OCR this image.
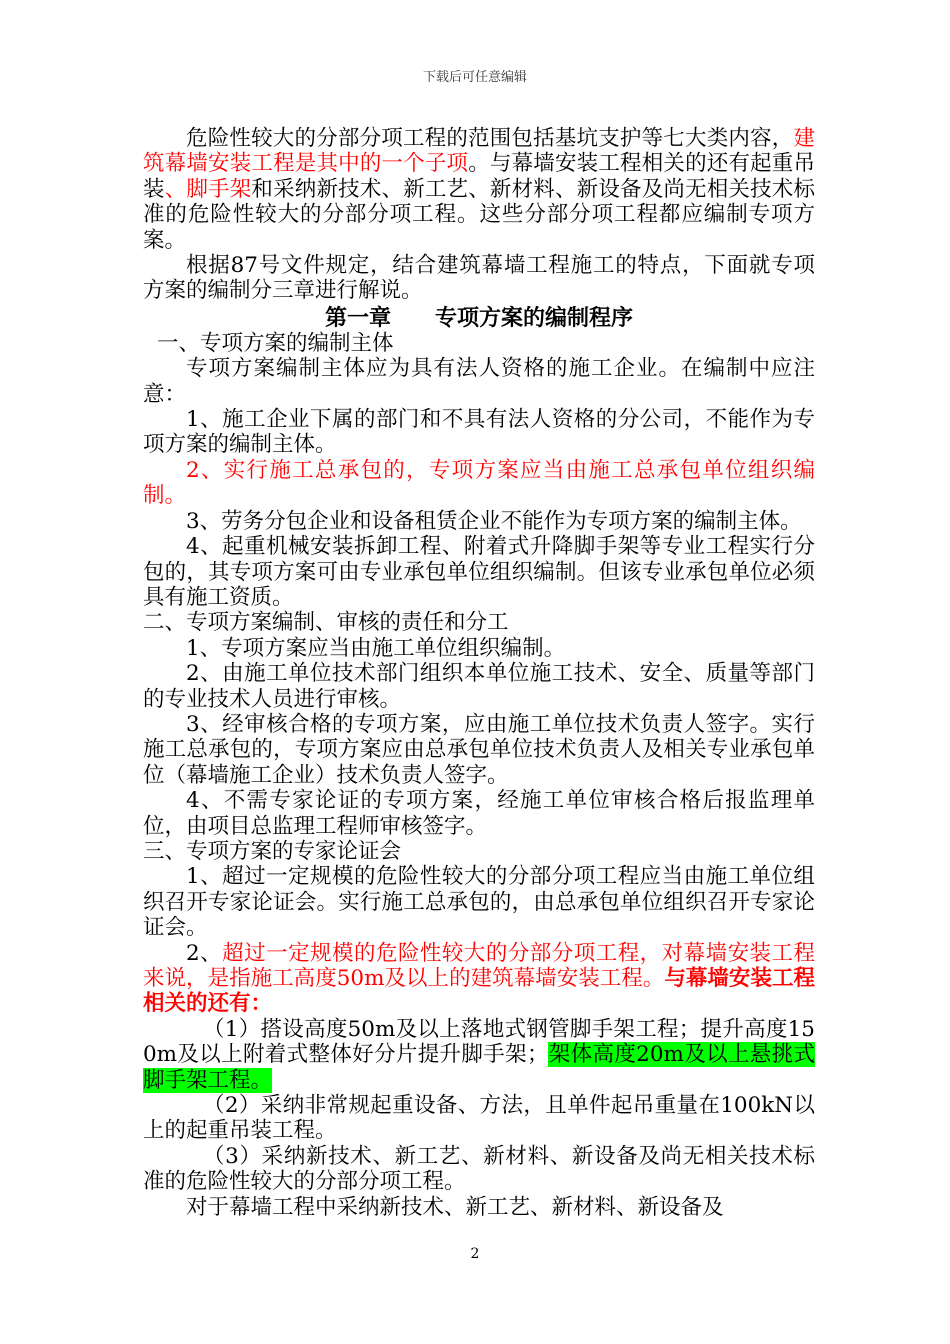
下载后可任意编辑

危险性较大的分部分项工程的范围包括基坑支护等七大类内容，建筑幕墙安装工程是其中的一个子项。与幕墙安装工程相关的还有起重吊装、脚手架和采纳新技术、新工艺、新材料、新设备及尚无相关技术标准的危险性较大的分部分项工程。这些分部分项工程都应编制专项方案。

根据87号文件规定，结合建筑幕墙工程施工的特点，下面就专项方案的编制分三章进行解说。

第一章 专项方案的编制程序

一、专项方案的编制主体

专项方案编制主体应为具有法人资格的施工企业。在编制中应注意：

1、施工企业下属的部门和不具有法人资格的分公司，不能作为专项方案的编制主体。

2、实行施工总承包的，专项方案应当由施工总承包单位组织编制。

3、劳务分包企业和设备租赁企业不能作为专项方案的编制主体。

4、起重机械安装拆卸工程、附着式升降脚手架等专业工程实行分包的，其专项方案可由专业承包单位组织编制。但该专业承包单位必须具有施工资质。

二、专项方案编制、审核的责任和分工

1、专项方案应当由施工单位组织编制。

2、由施工单位技术部门组织本单位施工技术、安全、质量等部门的专业技术人员进行审核。

3、经审核合格的专项方案，应由施工单位技术负责人签字。实行施工总承包的，专项方案应由总承包单位技术负责人及相关专业承包单位（幕墙施工企业）技术负责人签字。

4、不需专家论证的专项方案，经施工单位审核合格后报监理单位，由项目总监理工程师审核签字。

三、专项方案的专家论证会

1、超过一定规模的危险性较大的分部分项工程应当由施工单位组织召开专家论证会。实行施工总承包的，由总承包单位组织召开专家论证会。

2、超过一定规模的危险性较大的分部分项工程，对幕墙安装工程来说，是指施工高度50m及以上的建筑幕墙安装工程。与幕墙安装工程相关的还有：

（1）搭设高度50m及以上落地式钢管脚手架工程；提升高度150m及以上附着式整体好分片提升脚手架；架体高度20m及以上悬挑式脚手架工程。

（2）采纳非常规起重设备、方法，且单件起吊重量在100kN以上的起重吊装工程。

（3）采纳新技术、新工艺、新材料、新设备及尚无相关技术标准的危险性较大的分部分项工程。

对于幕墙工程中采纳新技术、新工艺、新材料、新设备及

2
